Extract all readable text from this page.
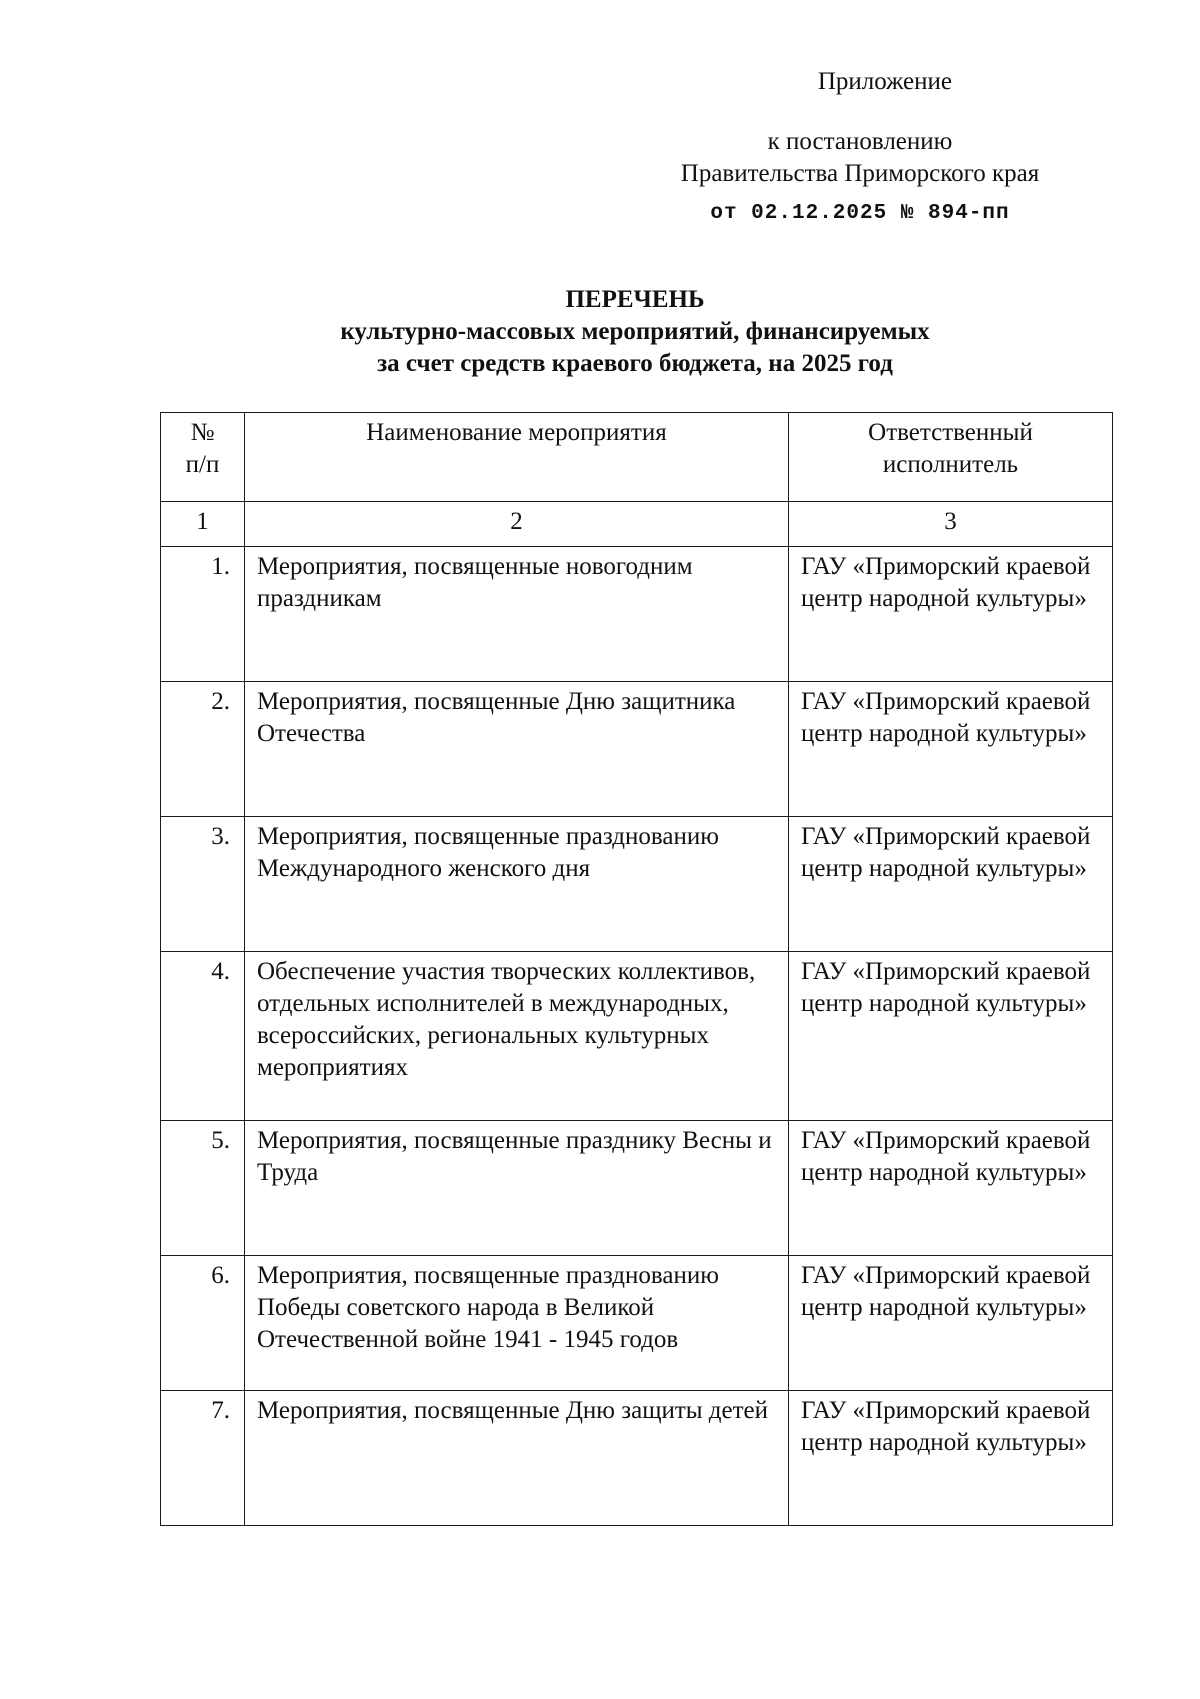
Приложение
к постановлению
Правительства Приморского края
от 02.12.2025 № 894-пп
ПЕРЕЧЕНЬ
культурно-массовых мероприятий, финансируемых
за счет средств краевого бюджета, на 2025 год
№
п/п	Наименование мероприятия	Ответственный исполнитель
1	2	3
1.	Мероприятия, посвященные новогодним праздникам	ГАУ «Приморский краевой центр народной культуры»
2.	Мероприятия, посвященные Дню защитника Отечества	ГАУ «Приморский краевой центр народной культуры»
3.	Мероприятия, посвященные празднованию Международного женского дня	ГАУ «Приморский краевой центр народной культуры»
4.	Обеспечение участия творческих коллективов, отдельных исполнителей в международных, всероссийских, региональных культурных мероприятиях	ГАУ «Приморский краевой центр народной культуры»
5.	Мероприятия, посвященные празднику Весны и Труда	ГАУ «Приморский краевой центр народной культуры»
6.	Мероприятия, посвященные празднованию Победы советского народа в Великой Отечественной войне 1941 - 1945 годов	ГАУ «Приморский краевой центр народной культуры»
7.	Мероприятия, посвященные Дню защиты детей	ГАУ «Приморский краевой центр народной культуры»
